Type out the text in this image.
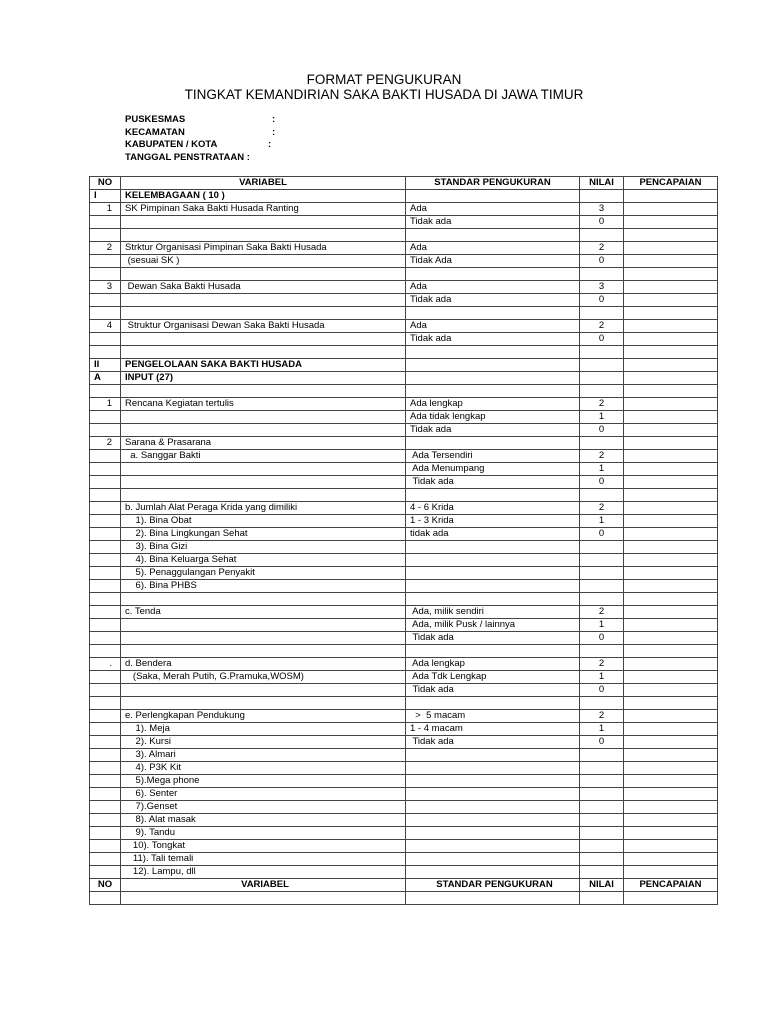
FORMAT PENGUKURAN
TINGKAT KEMANDIRIAN SAKA BAKTI HUSADA DI JAWA TIMUR
PUSKESMAS	:
KECAMATAN	:
KABUPATEN / KOTA	:
TANGGAL PENSTRATAAN :
NO	VARIABEL	STANDAR PENGUKURAN	NILAI	PENCAPAIAN
I	KELEMBAGAAN ( 10 )			
1	SK Pimpinan Saka Bakti Husada Ranting	Ada	3	
		Tidak ada	0	

2	Strktur Organisasi Pimpinan Saka Bakti Husada	Ada	2	
	(sesuai SK )	Tidak Ada	0	

3	Dewan Saka Bakti Husada	Ada	3	
		Tidak ada	0	

4	Struktur Organisasi Dewan Saka Bakti Husada	Ada	2	
		Tidak ada	0	

II	PENGELOLAAN SAKA BAKTI HUSADA			
A	INPUT (27)			

1	Rencana Kegiatan tertulis	Ada lengkap	2	
		Ada tidak lengkap	1	
		Tidak ada	0	
2	Sarana & Prasarana			
	a. Sanggar Bakti	Ada Tersendiri	2	
		Ada Menumpang	1	
		Tidak ada	0	

	b. Jumlah Alat Peraga Krida yang dimiliki	4 - 6 Krida	2	
	1). Bina Obat	1 - 3 Krida	1	
	2). Bina Lingkungan Sehat	tidak ada	0	
	3). Bina Gizi			
	4). Bina Keluarga Sehat			
	5). Penaggulangan Penyakit			
	6). Bina PHBS			

	c. Tenda	Ada, milik sendiri	2	
		Ada, milik Pusk / lainnya	1	
		Tidak ada	0	

.	d. Bendera	Ada lengkap	2	
	(Saka, Merah Putih, G.Pramuka,WOSM)	Ada Tdk Lengkap	1	
		Tidak ada	0	

	e. Perlengkapan Pendukung	>  5 macam	2	
	1). Meja	1 - 4 macam	1	
	2). Kursi	Tidak ada	0	
	3). Almari			
	4). P3K Kit			
	5).Mega phone			
	6). Senter			
	7).Genset			
	8). Alat masak			
	9). Tandu			
	10). Tongkat			
	11). Tali temali			
	12). Lampu, dll			
NO	VARIABEL	STANDAR PENGUKURAN	NILAI	PENCAPAIAN
